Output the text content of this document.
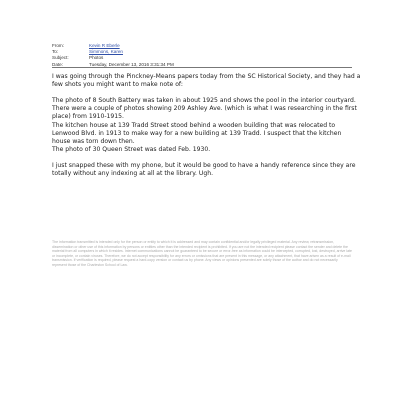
From:	Kevin R Eberle
To:	Simmons, Karen
Subject:	Photos
Date:	Tuesday, December 13, 2016 3:31:34 PM
I was going through the Pinckney-Means papers today from the SC Historical Society, and they had a
few shots you might want to make note of:
The photo of 8 South Battery was taken in about 1925 and shows the pool in the interior courtyard.
There were a couple of photos showing 209 Ashley Ave. (which is what I was researching in the first
place) from 1910-1915.
The kitchen house at 139 Tradd Street stood behind a wooden building that was relocated to
Lenwood Blvd. in 1913 to make way for a new building at 139 Tradd. I suspect that the kitchen
house was torn down then.
The photo of 30 Queen Street was dated Feb. 1930.
I just snapped these with my phone, but it would be good to have a handy reference since they are
totally without any indexing at all at the library. Ugh.
The information transmitted is intended only for the person or entity to which it is addressed and may contain confidential and/or legally privileged material. Any review, retransmission, dissemination or other use of this information by persons or entities other than the intended recipient is prohibited. If you are not the intended recipient please contact the sender and delete the material from all computers in which it resides. Internet communications cannot be guaranteed to be secure or error-free as information could be intercepted, corrupted, lost, destroyed, arrive late or incomplete, or contain viruses. Therefore, we do not accept responsibility for any errors or omissions that are present in this message, or any attachment, that have arisen as a result of e-mail transmission. If verification is required, please request a hard-copy version or contact us by phone. Any views or opinions presented are solely those of the author and do not necessarily represent those of the Charleston School of Law.
